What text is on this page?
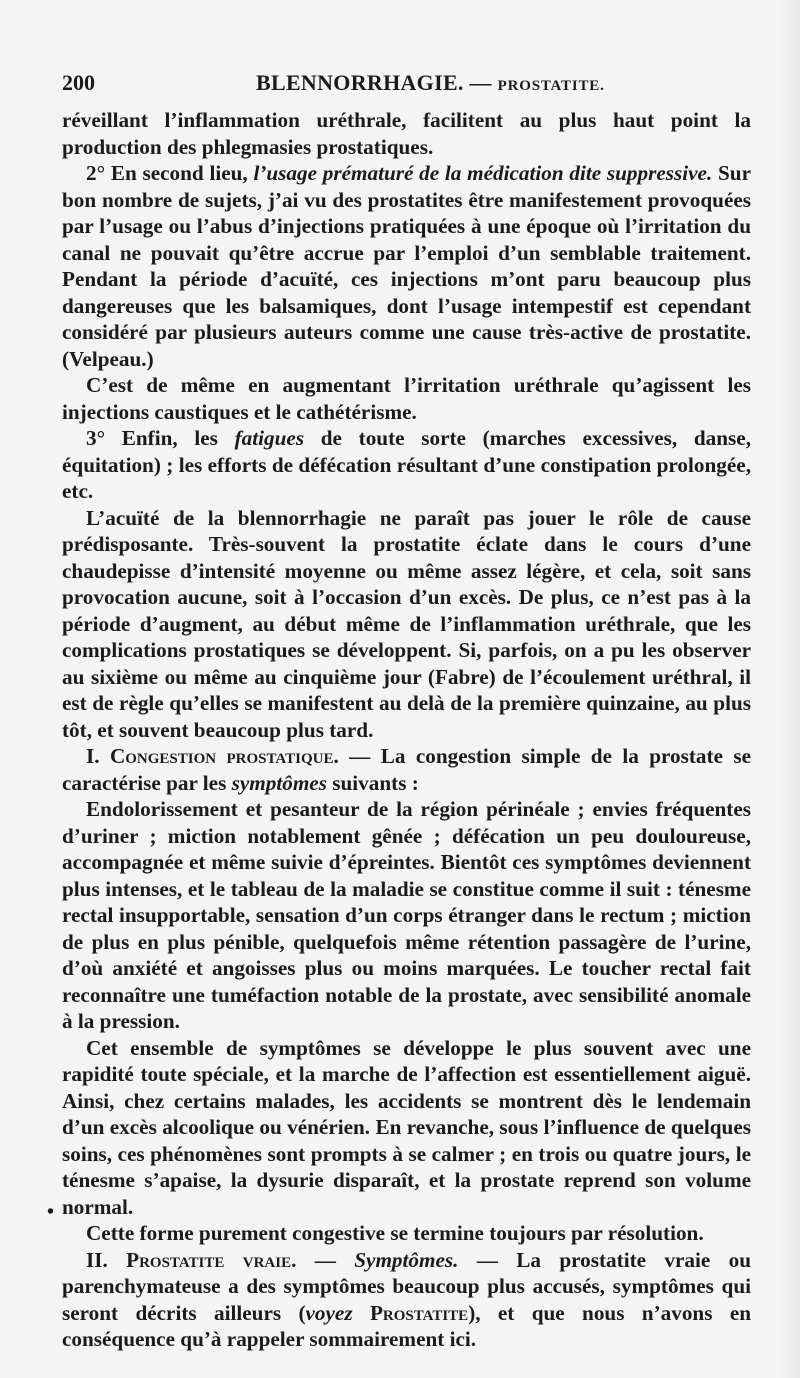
200	BLENNORRHAGIE. — PROSTATITE.

réveillant l’inflammation uréthrale, facilitent au plus haut point la production des phlegmasies prostatiques.

2° En second lieu, l’usage prématuré de la médication dite suppressive. Sur bon nombre de sujets, j’ai vu des prostatites être manifestement provoquées par l’usage ou l’abus d’injections pratiquées à une époque où l’irritation du canal ne pouvait qu’être accrue par l’emploi d’un semblable traitement. Pendant la période d’acuïté, ces injections m’ont paru beaucoup plus dangereuses que les balsamiques, dont l’usage intempestif est cependant considéré par plusieurs auteurs comme une cause très-active de prostatite. (Velpeau.)

C’est de même en augmentant l’irritation uréthrale qu’agissent les injections caustiques et le cathétérisme.

3° Enfin, les fatigues de toute sorte (marches excessives, danse, équitation) ; les efforts de défécation résultant d’une constipation prolongée, etc.

L’acuïté de la blennorrhagie ne paraît pas jouer le rôle de cause prédisposante. Très-souvent la prostatite éclate dans le cours d’une chaudepisse d’intensité moyenne ou même assez légère, et cela, soit sans provocation aucune, soit à l’occasion d’un excès. De plus, ce n’est pas à la période d’augment, au début même de l’inflammation uréthrale, que les complications prostatiques se développent. Si, parfois, on a pu les observer au sixième ou même au cinquième jour (Fabre) de l’écoulement uréthral, il est de règle qu’elles se manifestent au delà de la première quinzaine, au plus tôt, et souvent beaucoup plus tard.

I. Congestion prostatique. — La congestion simple de la prostate se caractérise par les symptômes suivants :

Endolorissement et pesanteur de la région périnéale ; envies fréquentes d’uriner ; miction notablement gênée ; défécation un peu douloureuse, accompagnée et même suivie d’épreintes. Bientôt ces symptômes deviennent plus intenses, et le tableau de la maladie se constitue comme il suit : ténesme rectal insupportable, sensation d’un corps étranger dans le rectum ; miction de plus en plus pénible, quelquefois même rétention passagère de l’urine, d’où anxiété et angoisses plus ou moins marquées. Le toucher rectal fait reconnaître une tuméfaction notable de la prostate, avec sensibilité anomale à la pression.

Cet ensemble de symptômes se développe le plus souvent avec une rapidité toute spéciale, et la marche de l’affection est essentiellement aiguë. Ainsi, chez certains malades, les accidents se montrent dès le lendemain d’un excès alcoolique ou vénérien. En revanche, sous l’influence de quelques soins, ces phénomènes sont prompts à se calmer ; en trois ou quatre jours, le ténesme s’apaise, la dysurie disparaît, et la prostate reprend son volume normal.

Cette forme purement congestive se termine toujours par résolution.

II. Prostatite vraie. — Symptômes. — La prostatite vraie ou parenchymateuse a des symptômes beaucoup plus accusés, symptômes qui seront décrits ailleurs (voyez Prostatite), et que nous n’avons en conséquence qu’à rappeler sommairement ici.

•
